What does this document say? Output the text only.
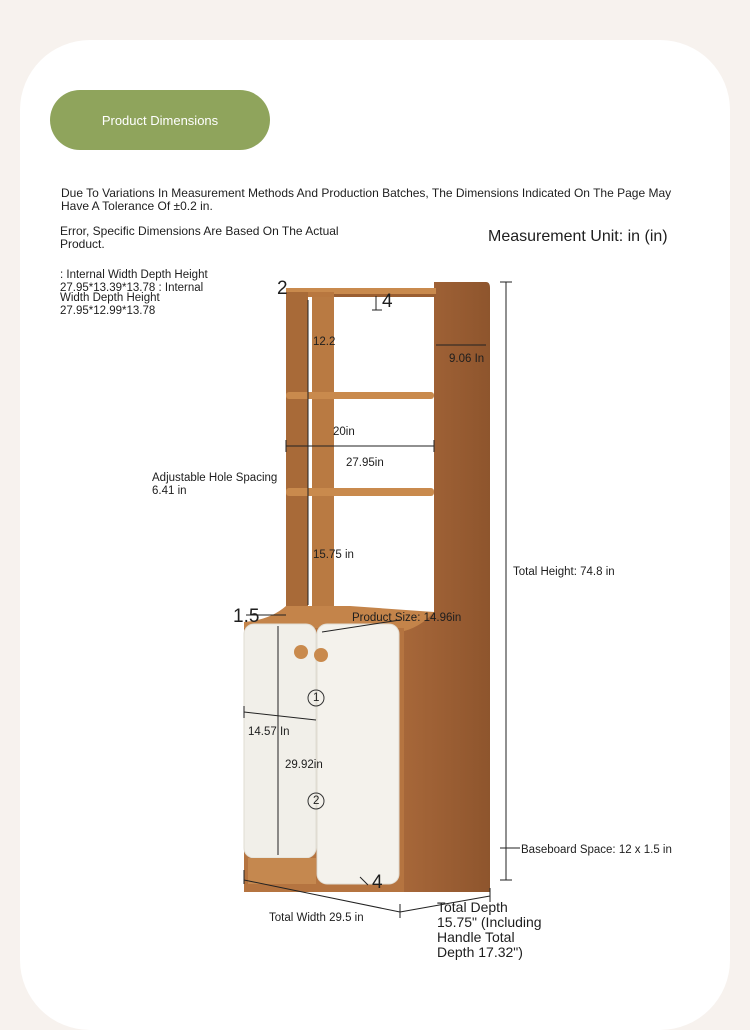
Product Dimensions
Due To Variations In Measurement Methods And Production Batches, The Dimensions Indicated On The Page May Have A Tolerance Of ±0.2 in.
Error, Specific Dimensions Are Based On The Actual Product.	Measurement Unit: in (in)
: Internal Width Depth Height
27.95*13.39*13.78 : Internal
Width Depth Height
27.95*12.99*13.78
2
4
12.2
9.06 In
20in
27.95in
Adjustable Hole Spacing
6.41 in
15.75 in
Total Height: 74.8 in
1.5	Product Size: 14.96in
14.57 In
29.92in
1
2
Baseboard Space: 12 x 1.5 in
4
Total Width 29.5 in
Total Depth
15.75" (Including
Handle Total
Depth 17.32")
